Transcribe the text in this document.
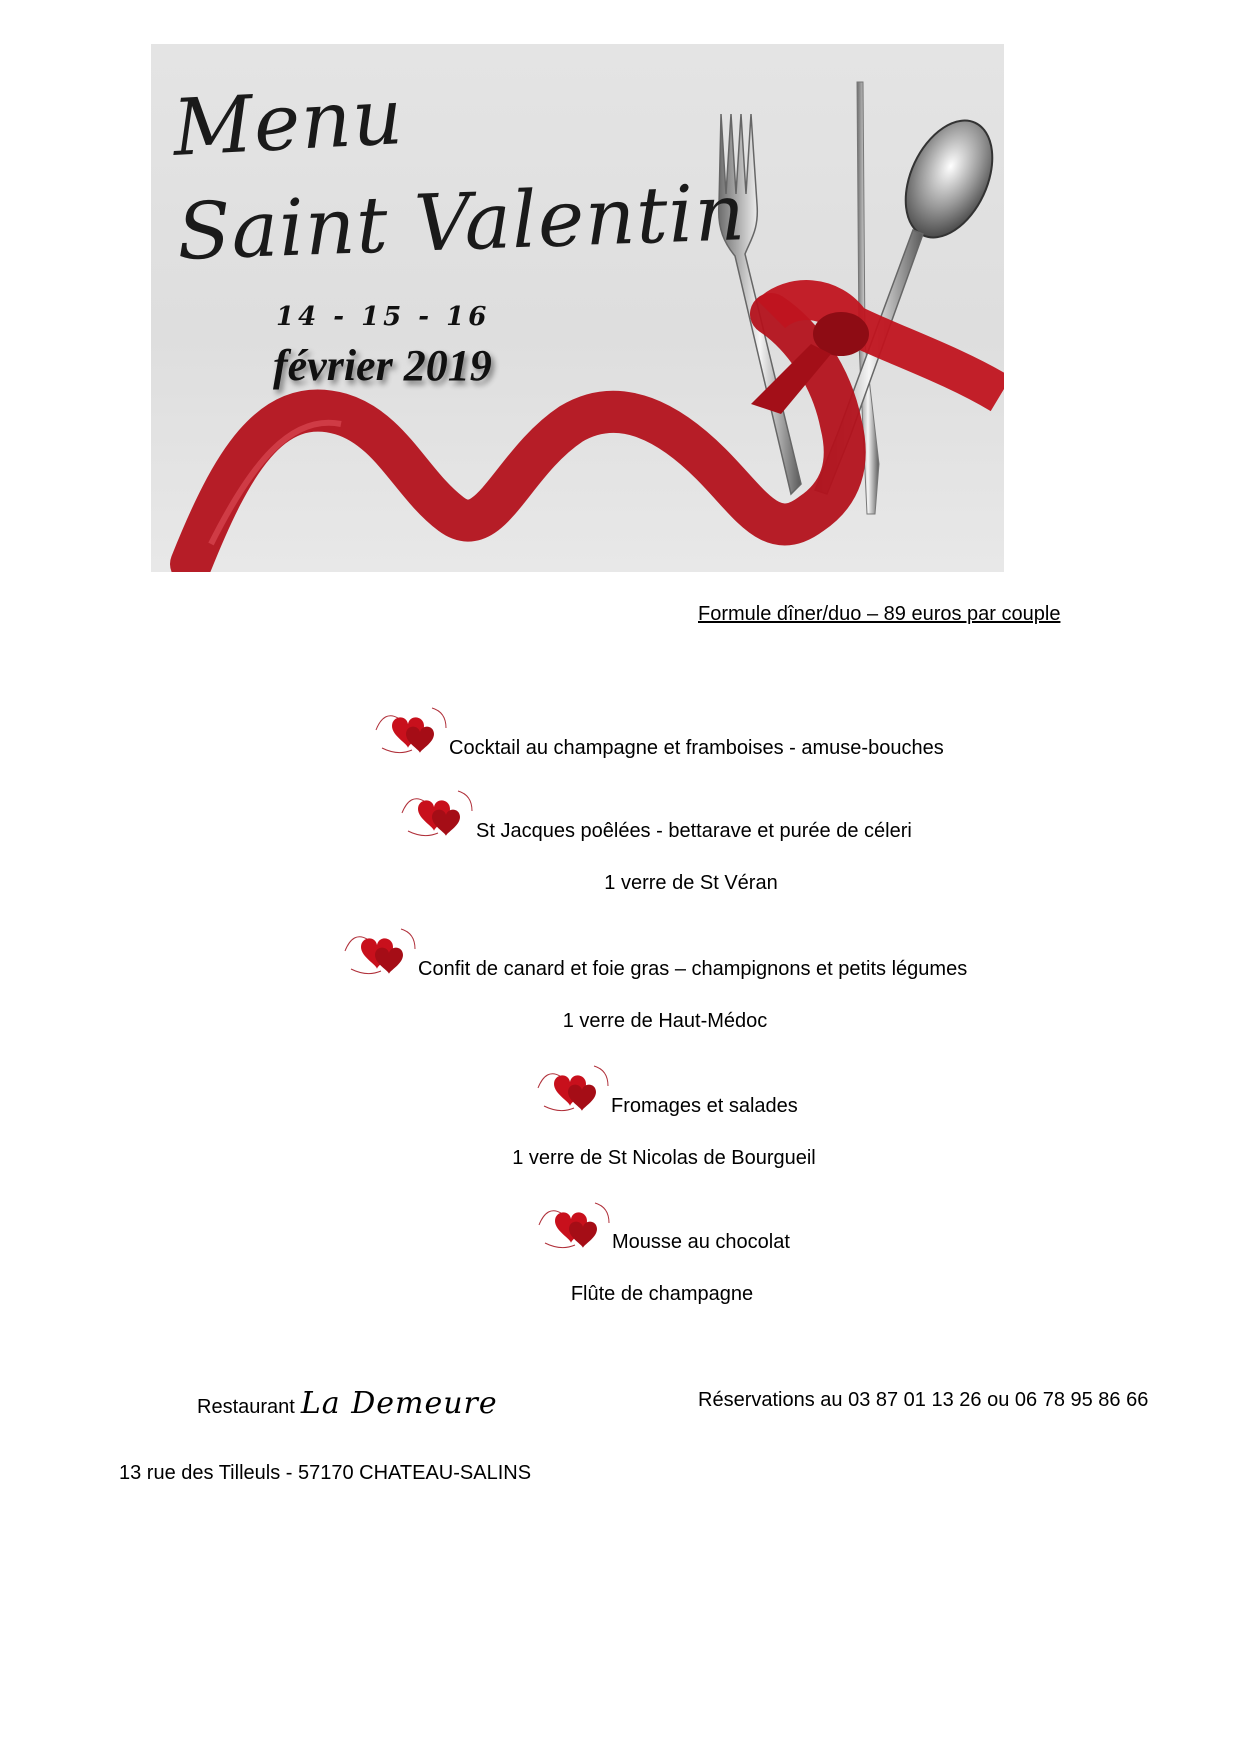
Menu
Saint Valentin
14 - 15 - 16
février 2019
Formule dîner/duo – 89 euros par couple
Cocktail au champagne et framboises - amuse-bouches
St Jacques poêlées - bettarave et purée de céleri
1 verre de St Véran
Confit de canard et foie gras – champignons et petits légumes
1 verre de Haut-Médoc
Fromages et salades
1 verre de St Nicolas de Bourgueil
Mousse au chocolat
Flûte de champagne
Restaurant La Demeure	Réservations au 03 87 01 13 26 ou 06 78 95 86 66
13 rue des Tilleuls - 57170 CHATEAU-SALINS
